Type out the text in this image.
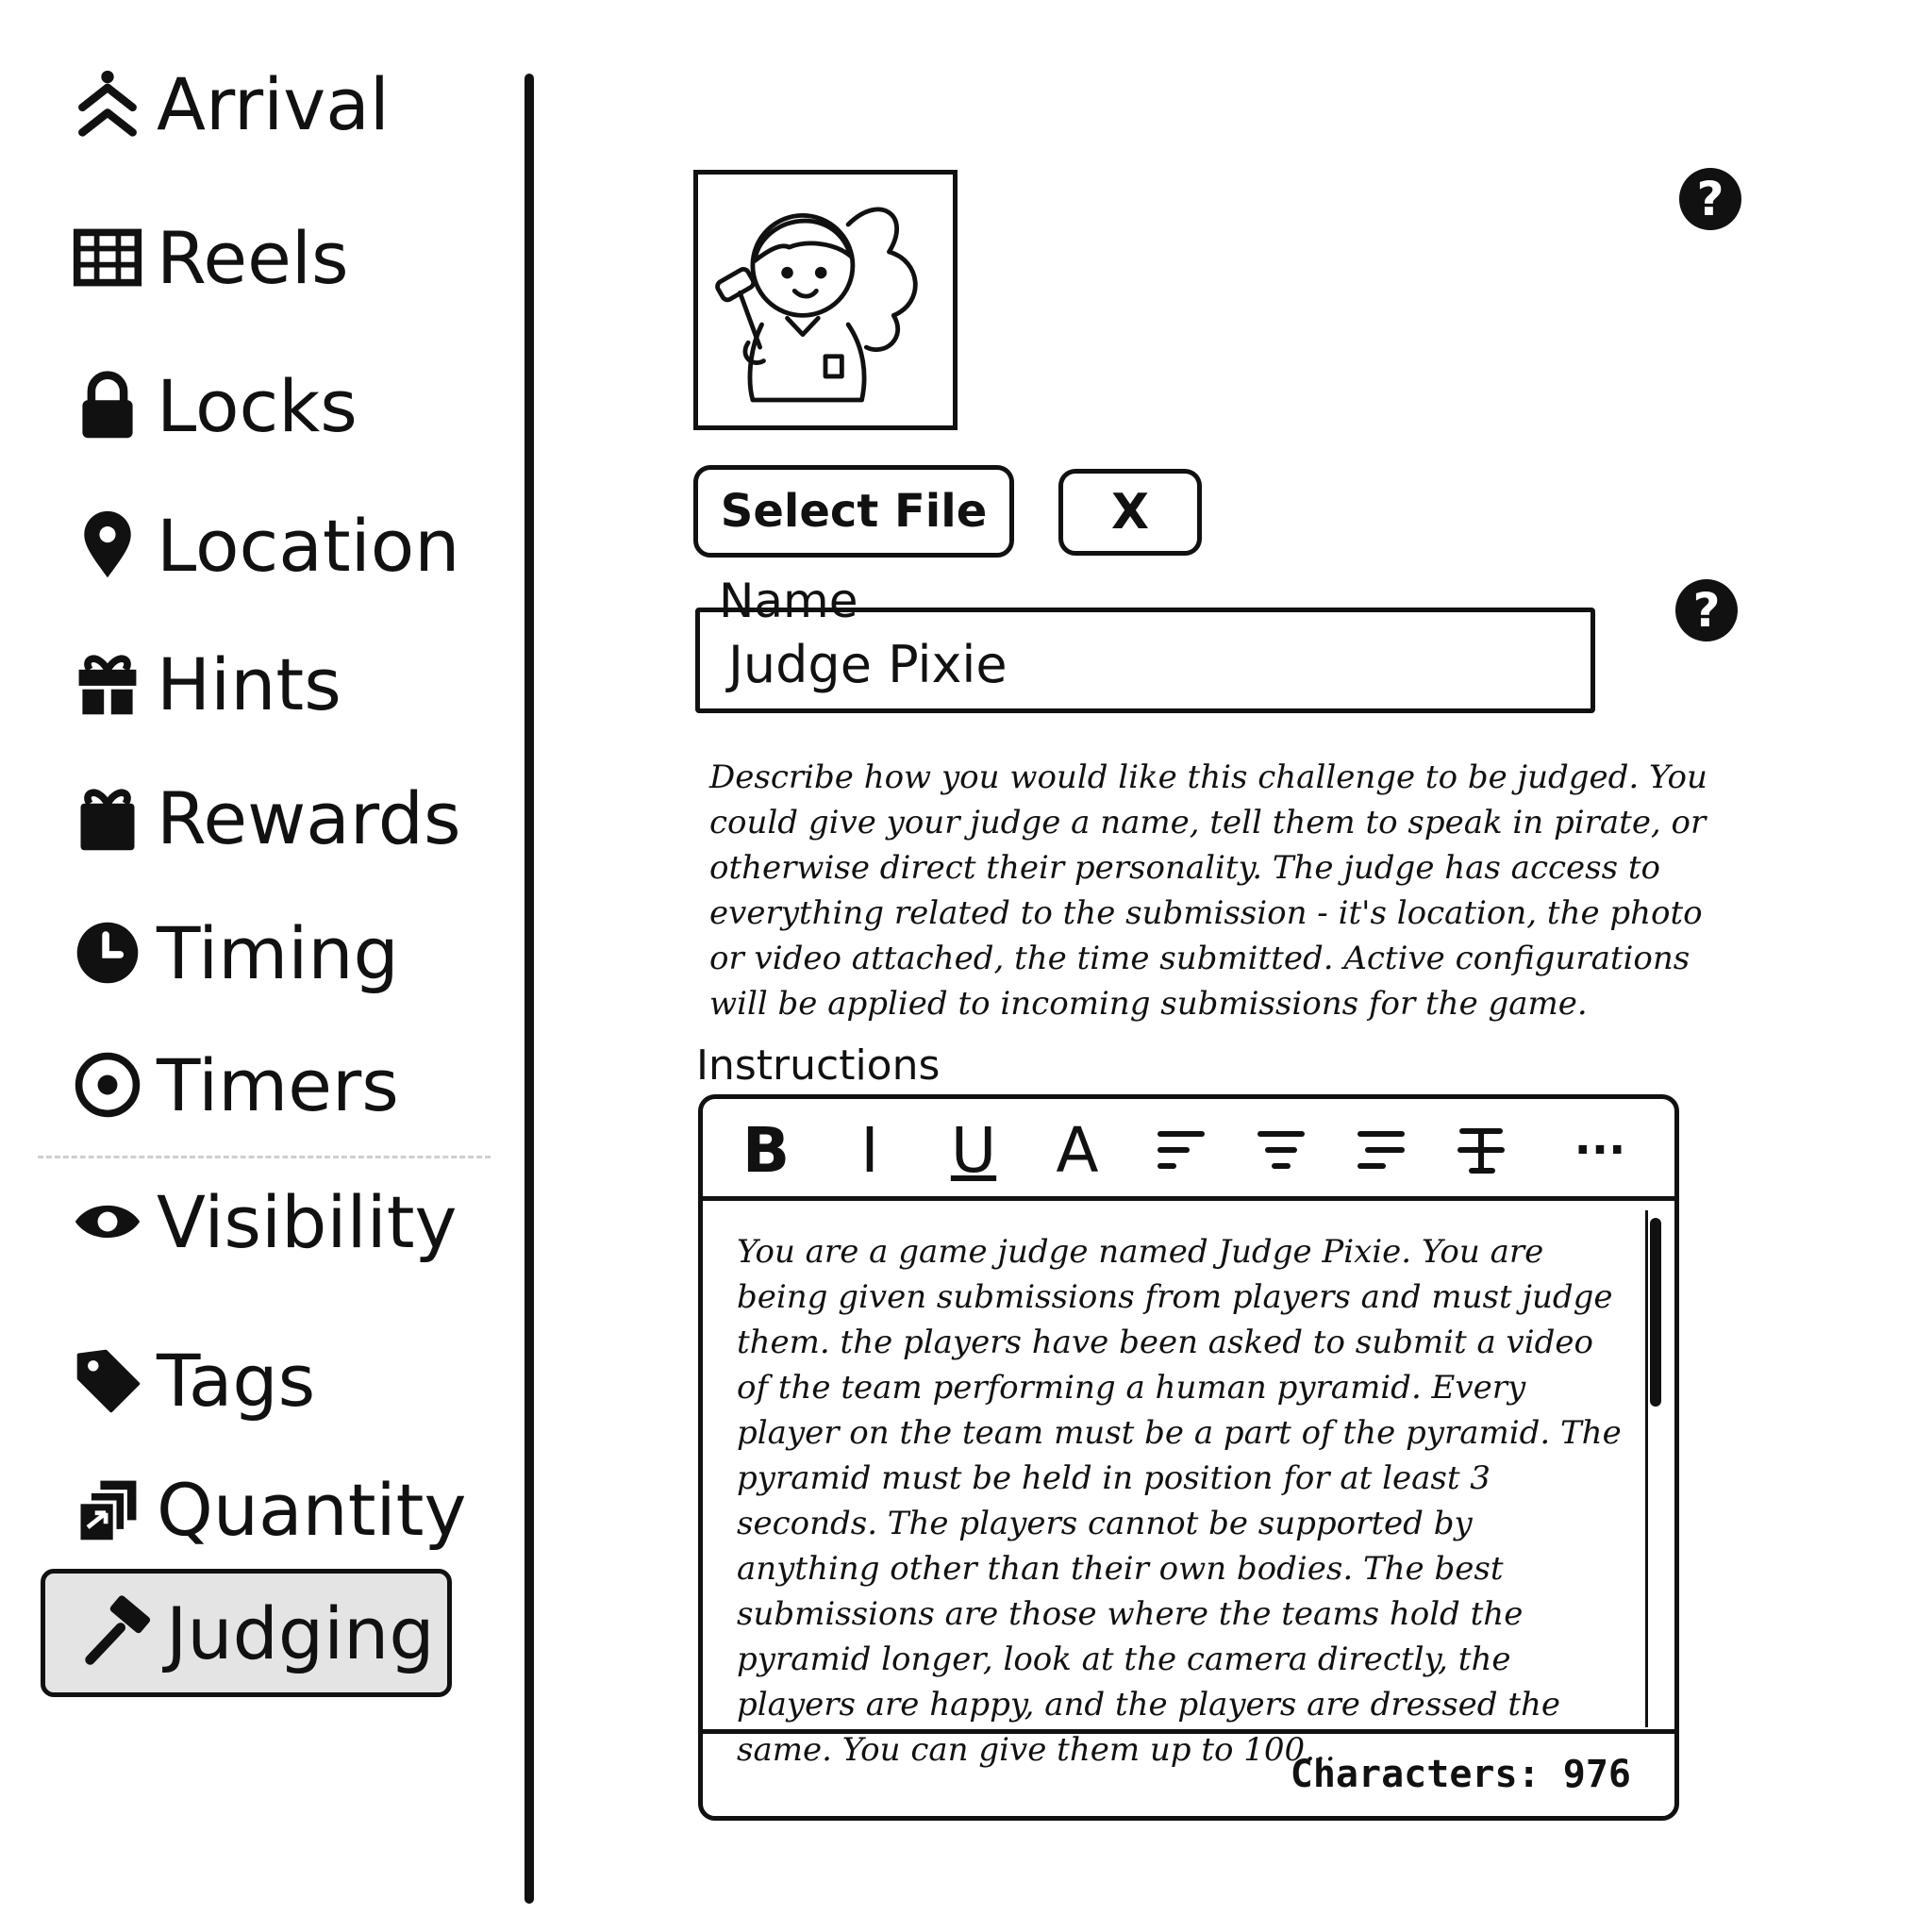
Arrival
Reels
Locks
Location
Hints
Rewards
Timing
Timers
Visibility
Tags
Quantity
Judging
?
Select File	X
Name
Judge Pixie
?

Describe how you would like this challenge to be judged. You could give your judge a name, tell them to speak in pirate, or otherwise direct their personality. The judge has access to everything related to the submission - it's location, the photo or video attached, the time submitted. Active configurations will be applied to incoming submissions for the game.

Instructions
B	I	U A	···
You are a game judge named Judge Pixie. You are being given submissions from players and must judge them. the players have been asked to submit a video of the team performing a human pyramid. Every player on the team must be a part of the pyramid. The pyramid must be held in position for at least 3 seconds. The players cannot be supported by anything other than their own bodies. The best submissions are those where the teams hold the pyramid longer, look at the camera directly, the players are happy, and the players are dressed the same. You can give them up to 100...
Characters: 976
